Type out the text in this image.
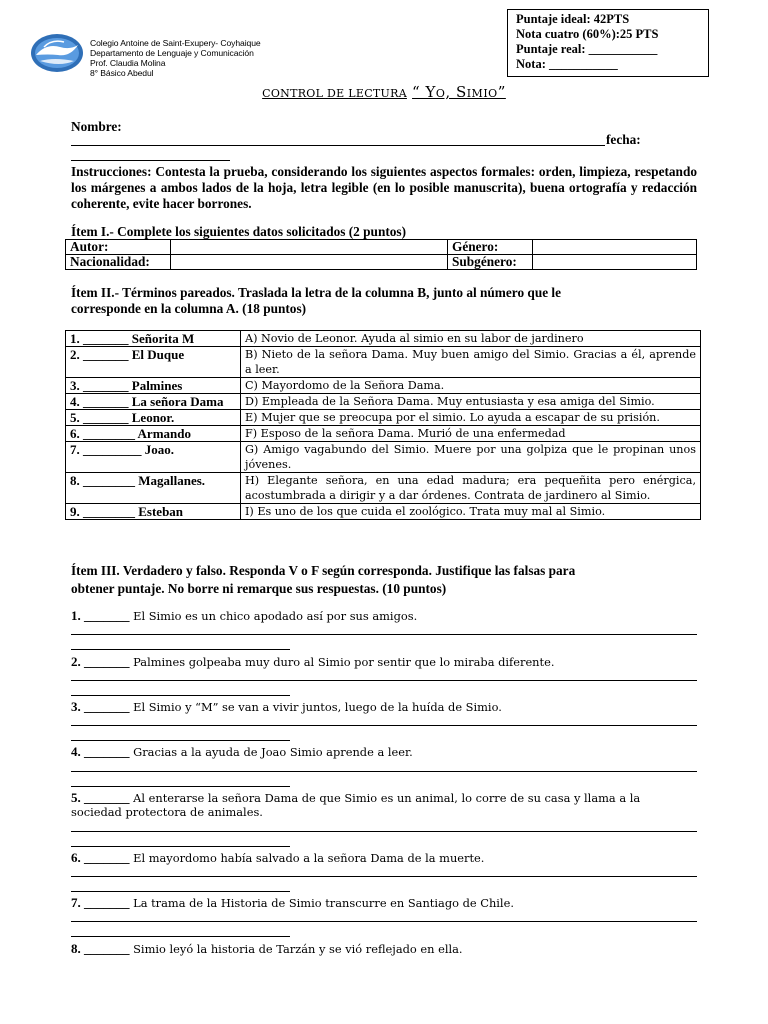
Puntaje ideal: 42PTS
Nota cuatro (60%):25 PTS
Puntaje real: ___________
Nota: ___________
Colegio Antoine de Saint-Exupery- Coyhaique
Departamento de Lenguaje y Comunicación
Prof. Claudia Molina
8° Básico Abedul
CONTROL DE LECTURA “ Yo, Simio”
Nombre:
fecha:
Instrucciones: Contesta la prueba, considerando los siguientes aspectos formales: orden, limpieza, respetando los márgenes a ambos lados de la hoja, letra legible (en lo posible manuscrita), buena ortografía y redacción coherente, evite hacer borrones.
Ítem I.- Complete los siguientes datos solicitados (2 puntos)
Autor:		Género:	
Nacionalidad:		Subgénero:	
Ítem II.- Términos pareados. Traslada la letra de la columna B, junto al número que le
corresponde en la columna A. (18 puntos)
1. _______ Señorita M	A) Novio de Leonor. Ayuda al simio en su labor de jardinero
2. _______ El Duque	B) Nieto de la señora Dama. Muy buen amigo del Simio. Gracias a él, aprende a leer.
3. _______ Palmines	C) Mayordomo de la Señora Dama.
4. _______ La señora Dama	D) Empleada de la Señora Dama. Muy entusiasta y esa amiga del Simio.
5. _______ Leonor.	E) Mujer que se preocupa por el simio. Lo ayuda a escapar de su prisión.
6. ________ Armando	F) Esposo de la señora Dama. Murió de una enfermedad
7. _________ Joao.	G) Amigo vagabundo del Simio. Muere por una golpiza que le propinan unos jóvenes.
8. ________ Magallanes.	H) Elegante señora, en una edad madura; era pequeñita pero enérgica, acostumbrada a dirigir y a dar órdenes. Contrata de jardinero al Simio.
9. ________ Esteban	I) Es uno de los que cuida el zoológico. Trata muy mal al Simio.
Ítem III. Verdadero y falso. Responda V o F según corresponda. Justifique las falsas para
obtener puntaje. No borre ni remarque sus respuestas. (10 puntos)
1. _______ El Simio es un chico apodado así por sus amigos.
2. _______ Palmines golpeaba muy duro al Simio por sentir que lo miraba diferente.
3. _______ El Simio y “M” se van a vivir juntos, luego de la huída de Simio.
4. _______ Gracias a la ayuda de Joao Simio aprende a leer.
5. _______ Al enterarse la señora Dama de que Simio es un animal, lo corre de su casa y llama a la
sociedad protectora de animales.
6. _______ El mayordomo había salvado a la señora Dama de la muerte.
7. _______ La trama de la Historia de Simio transcurre en Santiago de Chile.
8. _______ Simio leyó la historia de Tarzán y se vió reflejado en ella.
